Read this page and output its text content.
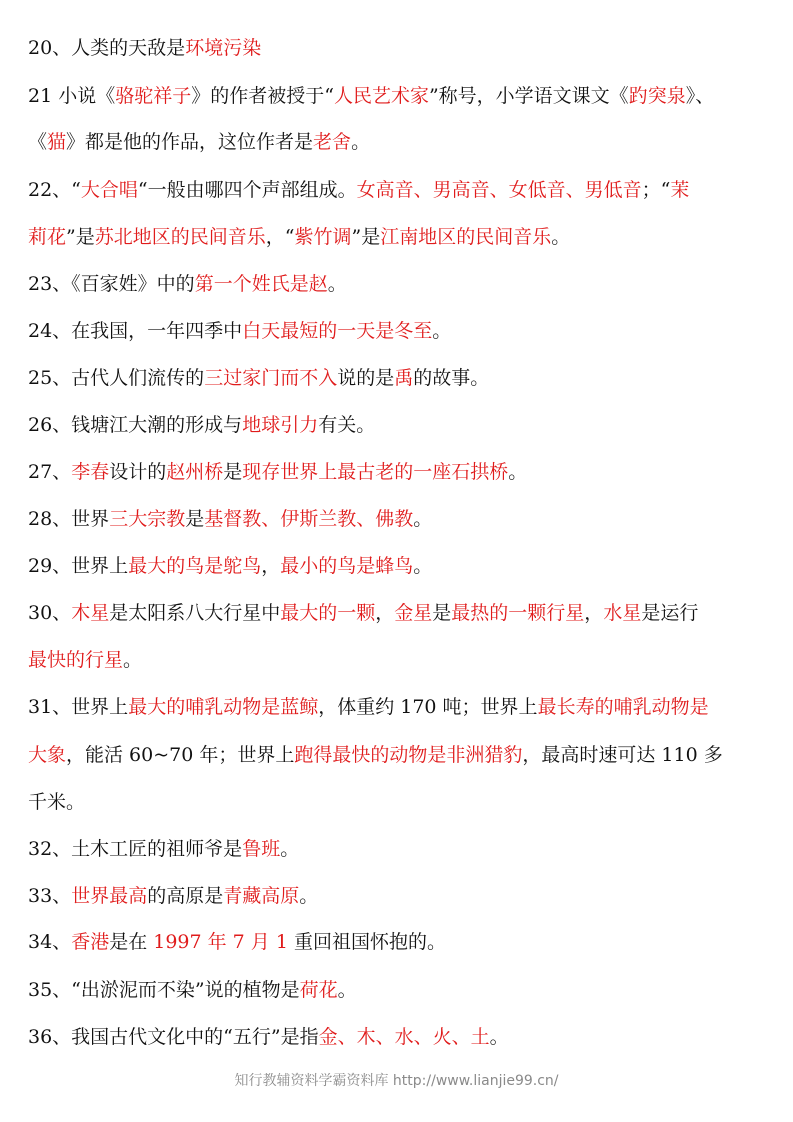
20、人类的天敌是环境污染
21 小说《骆驼祥子》的作者被授于“人民艺术家”称号，小学语文课文《趵突泉》、
《猫》都是他的作品，这位作者是老舍。
22、“大合唱“一般由哪四个声部组成。女高音、男高音、女低音、男低音；“茉
莉花”是苏北地区的民间音乐，“紫竹调”是江南地区的民间音乐。
23、《百家姓》中的第一个姓氏是赵。
24、在我国，一年四季中白天最短的一天是冬至。
25、古代人们流传的三过家门而不入说的是禹的故事。
26、钱塘江大潮的形成与地球引力有关。
27、李春设计的赵州桥是现存世界上最古老的一座石拱桥。
28、世界三大宗教是基督教、伊斯兰教、佛教。
29、世界上最大的鸟是鸵鸟，最小的鸟是蜂鸟。
30、木星是太阳系八大行星中最大的一颗，金星是最热的一颗行星，水星是运行
最快的行星。
31、世界上最大的哺乳动物是蓝鲸，体重约 170 吨；世界上最长寿的哺乳动物是
大象，能活 60~70 年；世界上跑得最快的动物是非洲猎豹，最高时速可达 110 多
千米。
32、土木工匠的祖师爷是鲁班。
33、世界最高的高原是青藏高原。
34、香港是在 1997 年 7 月 1 重回祖国怀抱的。
35、“出淤泥而不染”说的植物是荷花。
36、我国古代文化中的“五行”是指金、木、水、火、土。
知行教辅资料学霸资料库 http://www.lianjie99.cn/
